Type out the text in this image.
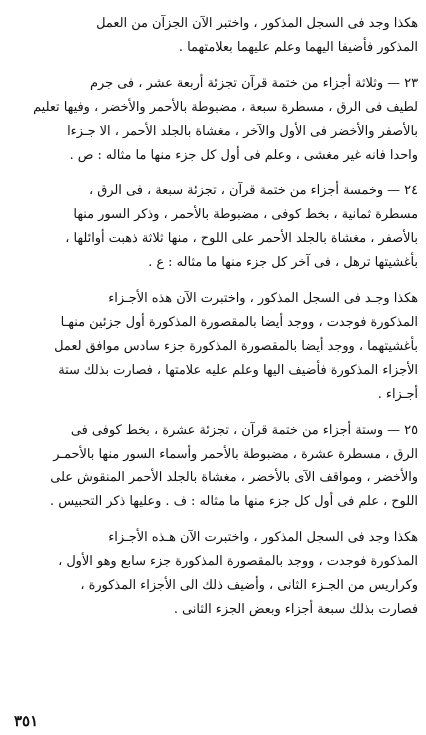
هكذا وجد فى السجل المذكور ، واختبر الآن الجزآن من العمل
المذكور فأضيفا اليهما وعلم عليهما بعلامتهما .

٢٣ — وثلاثة أجزاء من ختمة قرآن تجزئة أربعة عشر ، فى جرم
لطيف فى الرق ، مسطرة سبعة ، مضبوطة بالأحمر والأخضر ، وفيها تعليم
بالأصفر والأخضر فى الأول والآخر ، مغشاة بالجلد الأحمر ، الا جـزءا
واحدا فانه غير مغشى ، وعلم فى أول كل جزء منها ما مثاله : ص .

٢٤ — وخمسة أجزاء من ختمة قرآن ، تجزئة سبعة ، فى الرق ،
مسطرة ثمانية ، بخط كوفى ، مضبوطة بالأحمر ، وذكر السور منها
بالأصفر ، مغشاة بالجلد الأحمر على اللوح ، منها ثلاثة ذهبت أوائلها ،
بأغشيتها ترهل ، فى آخر كل جزء منها ما مثاله : ع .

هكذا وجـد فى السجل المذكور ، واختبرت الآن هذه الأجـزاء
المذكورة فوجدت ، ووجد أيضا بالمقصورة المذكورة أول جزئين منهـا
بأغشيتهما ، ووجد أيضا بالمقصورة المذكورة جزء سادس موافق لعمل
الأجزاء المذكورة فأضيف اليها وعلم عليه علامتها ، فصارت بذلك ستة
أجـزاء .

٢٥ — وستة أجزاء من ختمة قرآن ، تجزئة عشرة ، بخط كوفى فى
الرق ، مسطرة عشرة ، مضبوطة بالأحمر وأسماء السور منها بالأحمـر
والأخضر ، ومواقف الآى بالأخضر ، مغشاة بالجلد الأحمر المنقوش على
اللوح ، علم فى أول كل جزء منها ما مثاله : ف . وعليها ذكر التحبيس .

هكذا وجد فى السجل المذكور ، واختبرت الآن هـذه الأجـزاء
المذكورة فوجدت ، ووجد بالمقصورة المذكورة جزء سابع وهو الأول ،
وكراريس من الجـزء الثانى ، وأضيف ذلك الى الأجزاء المذكورة ،
فصارت بذلك سبعة أجزاء وبعض الجزء الثانى .

٣٥١
